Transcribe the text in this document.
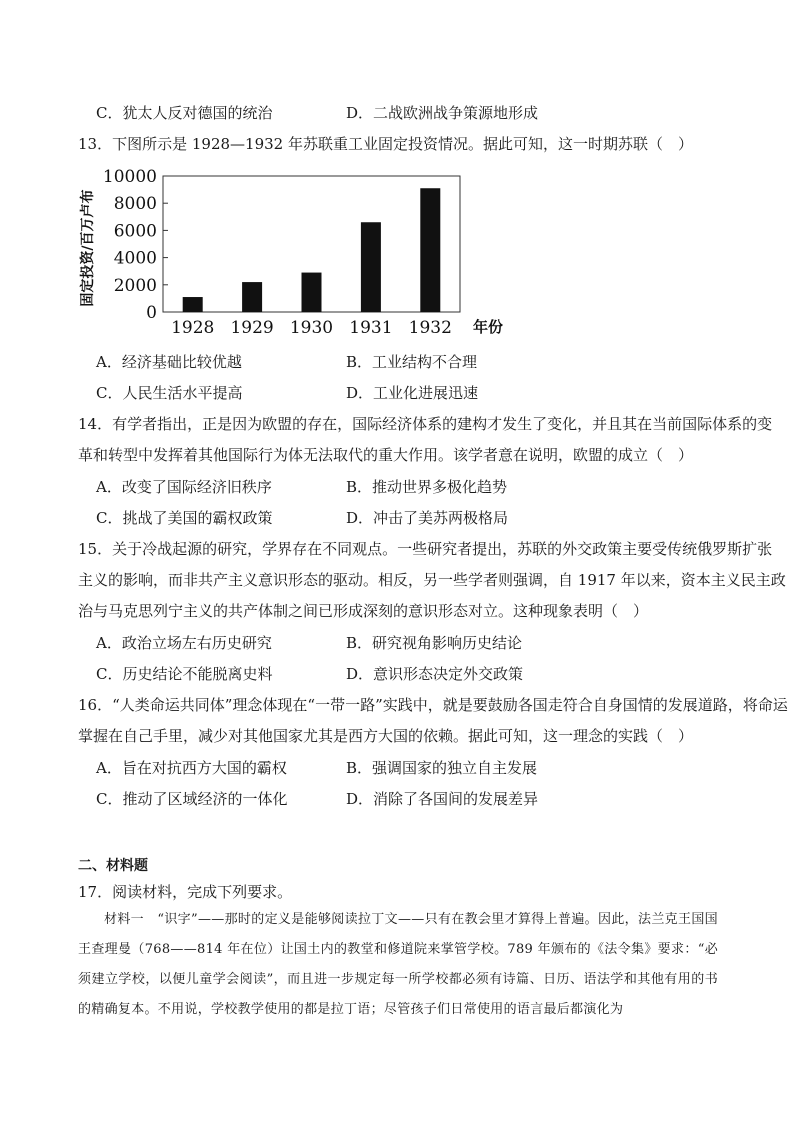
C．犹太人反对德国的统治	D．二战欧洲战争策源地形成
13．下图所示是 1928—1932 年苏联重工业固定投资情况。据此可知，这一时期苏联（　）
0
2000
4000
6000
8000
10000
1928 1929 1930 1931 1932 年份
固定投资/百万卢布
A．经济基础比较优越	B．工业结构不合理
C．人民生活水平提高	D．工业化进展迅速
14．有学者指出，正是因为欧盟的存在，国际经济体系的建构才发生了变化，并且其在当前国际体系的变
革和转型中发挥着其他国际行为体无法取代的重大作用。该学者意在说明，欧盟的成立（　）
A．改变了国际经济旧秩序	B．推动世界多极化趋势
C．挑战了美国的霸权政策	D．冲击了美苏两极格局
15．关于冷战起源的研究，学界存在不同观点。一些研究者提出，苏联的外交政策主要受传统俄罗斯扩张
主义的影响，而非共产主义意识形态的驱动。相反，另一些学者则强调，自 1917 年以来，资本主义民主政
治与马克思列宁主义的共产体制之间已形成深刻的意识形态对立。这种现象表明（　）
A．政治立场左右历史研究	B．研究视角影响历史结论
C．历史结论不能脱离史料	D．意识形态决定外交政策
16．“人类命运共同体”理念体现在“一带一路”实践中，就是要鼓励各国走符合自身国情的发展道路，将命运
掌握在自己手里，减少对其他国家尤其是西方大国的依赖。据此可知，这一理念的实践（　）
A．旨在对抗西方大国的霸权	B．强调国家的独立自主发展
C．推动了区域经济的一体化	D．消除了各国间的发展差异
二、材料题
17．阅读材料，完成下列要求。

材料一　“识字”——那时的定义是能够阅读拉丁文——只有在教会里才算得上普遍。因此，法兰克王国国王查理曼（768——814 年在位）让国土内的教堂和修道院来掌管学校。789 年颁布的《法令集》要求：“必须建立学校，以便儿童学会阅读”，而且进一步规定每一所学校都必须有诗篇、日历、语法学和其他有用的书的精确复本。不用说，学校教学使用的都是拉丁语；尽管孩子们日常使用的语言最后都演化为
